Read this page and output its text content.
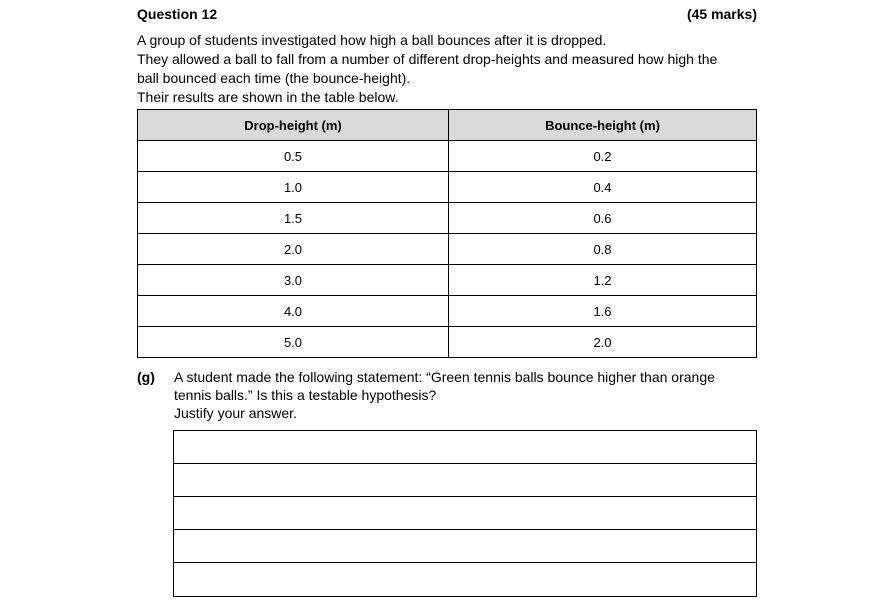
Question 12	(45 marks)

A group of students investigated how high a ball bounces after it is dropped.

They allowed a ball to fall from a number of different drop-heights and measured how high the ball bounced each time (the bounce-height).

Their results are shown in the table below.

Drop-height (m)	Bounce-height (m)
0.5	0.2
1.0	0.4
1.5	0.6
2.0	0.8
3.0	1.2
4.0	1.6
5.0	2.0
(g) A student made the following statement: “Green tennis balls bounce higher than orange tennis balls.” Is this a testable hypothesis?

Justify your answer.
